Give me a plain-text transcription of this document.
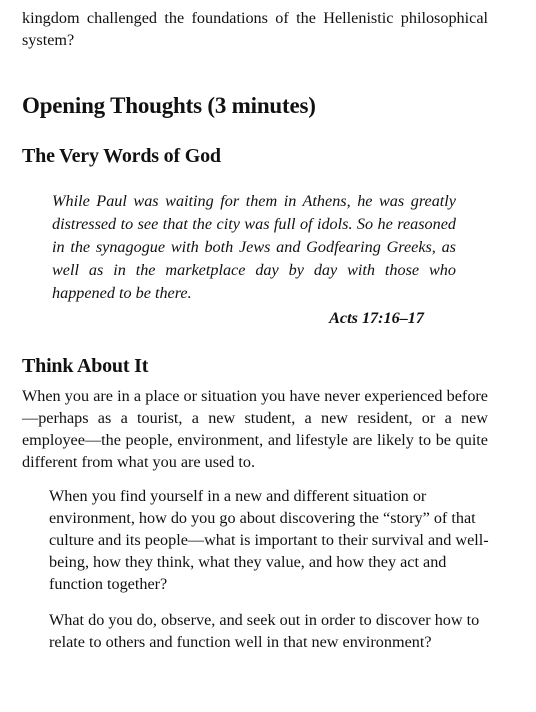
kingdom challenged the foundations of the Hellenistic philosophical system?

Opening Thoughts (3 minutes)
The Very Words of God

While Paul was waiting for them in Athens, he was greatly distressed to see that the city was full of idols. So he reasoned in the synagogue with both Jews and Godfearing Greeks, as well as in the marketplace day by day with those who happened to be there.

Acts 17:16–17
Think About It

When you are in a place or situation you have never experienced before—perhaps as a tourist, a new student, a new resident, or a new employee—the people, environment, and lifestyle are likely to be quite different from what you are used to.

When you find yourself in a new and different situation or environment, how do you go about discovering the “story” of that culture and its people—what is important to their survival and well-being, how they think, what they value, and how they act and function together?

What do you do, observe, and seek out in order to discover how to relate to others and function well in that new environment?
